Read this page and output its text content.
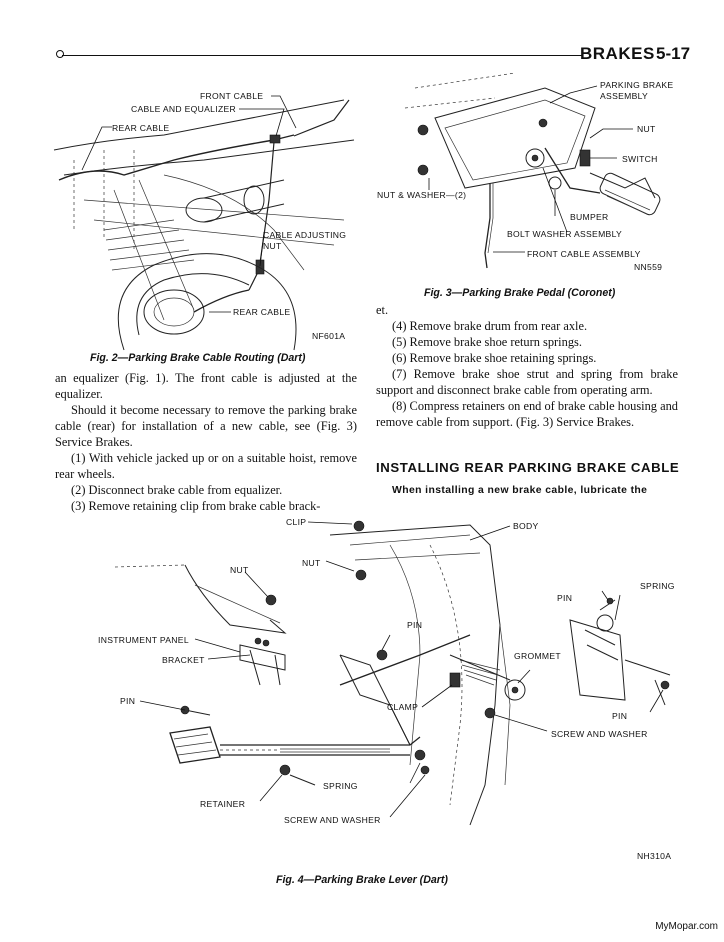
BRAKES 5-17
FRONT CABLE
CABLE AND EQUALIZER
REAR CABLE
CABLE ADJUSTING
NUT
REAR CABLE
NF601A
Fig. 2—Parking Brake Cable Routing (Dart)

an equalizer (Fig. 1). The front cable is adjusted at the equalizer.

Should it become necessary to remove the parking brake cable (rear) for installation of a new cable, see (Fig. 3) Service Brakes.

(1) With vehicle jacked up or on a suitable hoist, remove rear wheels.

(2) Disconnect brake cable from equalizer.

(3) Remove retaining clip from brake cable brack-

PARKING BRAKE
ASSEMBLY
NUT
SWITCH
NUT & WASHER—(2)
BUMPER
BOLT WASHER ASSEMBLY
FRONT CABLE ASSEMBLY
NN559
Fig. 3—Parking Brake Pedal (Coronet)

et.

(4) Remove brake drum from rear axle.

(5) Remove brake shoe return springs.

(6) Remove brake shoe retaining springs.

(7) Remove brake shoe strut and spring from brake support and disconnect brake cable from operating arm.

(8) Compress retainers on end of brake cable housing and remove cable from support. (Fig. 3) Service Brakes.

INSTALLING REAR PARKING BRAKE CABLE
When installing a new brake cable, lubricate the
CLIP	BODY
NUT
NUT
SPRING
PIN
PIN
INSTRUMENT PANEL
BRACKET	GROMMET
PIN
CLAMP
PIN
SCREW AND WASHER
SPRING
RETAINER
SCREW AND WASHER
NH310A
Fig. 4—Parking Brake Lever (Dart)
MyMopar.com
